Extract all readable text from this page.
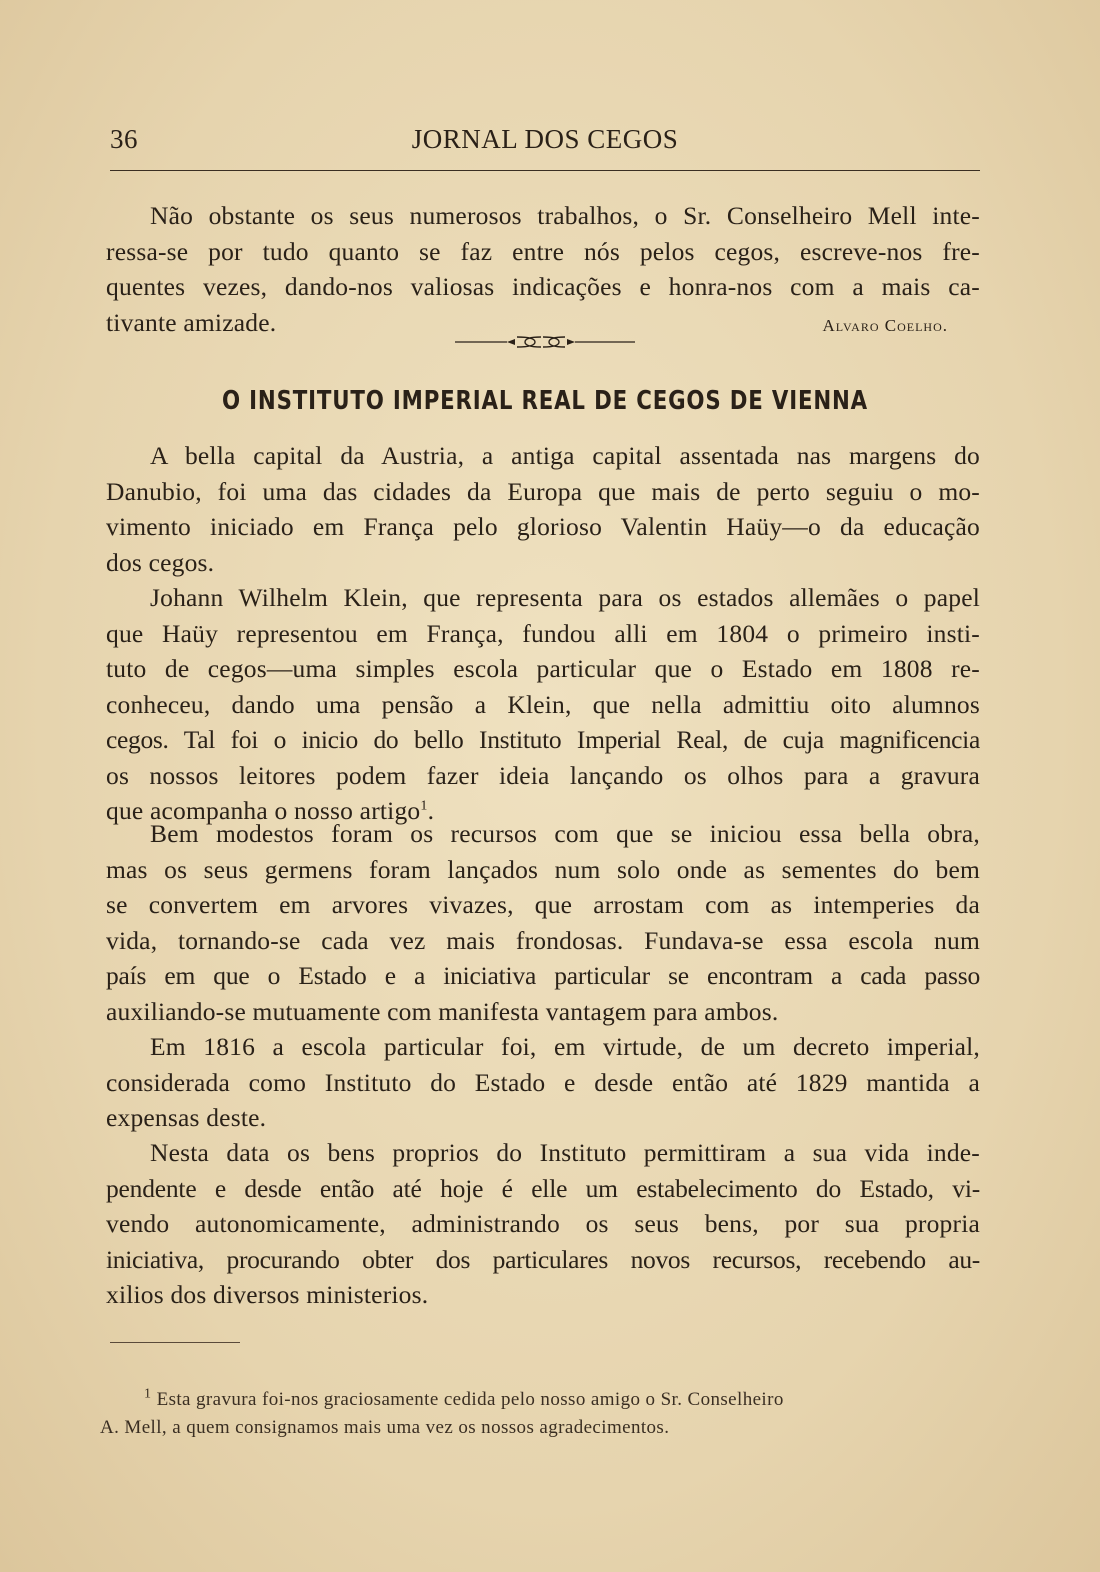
36	JORNAL DOS CEGOS
Não obstante os seus numerosos trabalhos, o Sr. Conselheiro Mell inte-
ressa-se por tudo quanto se faz entre nós pelos cegos, escreve-nos fre-
quentes vezes, dando-nos valiosas indicações e honra-nos com a mais ca-
tivante amizade.	Alvaro Coelho.
O INSTITUTO IMPERIAL REAL DE CEGOS DE VIENNA
A bella capital da Austria, a antiga capital assentada nas margens do
Danubio, foi uma das cidades da Europa que mais de perto seguiu o mo-
vimento iniciado em França pelo glorioso Valentin Haüy—o da educação
dos cegos.
Johann Wilhelm Klein, que representa para os estados allemães o papel
que Haüy representou em França, fundou alli em 1804 o primeiro insti-
tuto de cegos—uma simples escola particular que o Estado em 1808 re-
conheceu, dando uma pensão a Klein, que nella admittiu oito alumnos
cegos. Tal foi o inicio do bello Instituto Imperial Real, de cuja magnificencia
os nossos leitores podem fazer ideia lançando os olhos para a gravura
que acompanha o nosso artigo$^1$.
Bem modestos foram os recursos com que se iniciou essa bella obra,
mas os seus germens foram lançados num solo onde as sementes do bem
se convertem em arvores vivazes, que arrostam com as intemperies da
vida, tornando-se cada vez mais frondosas. Fundava-se essa escola num
país em que o Estado e a iniciativa particular se encontram a cada passo
auxiliando-se mutuamente com manifesta vantagem para ambos.
Em 1816 a escola particular foi, em virtude, de um decreto imperial,
considerada como Instituto do Estado e desde então até 1829 mantida a
expensas deste.
Nesta data os bens proprios do Instituto permittiram a sua vida inde-
pendente e desde então até hoje é elle um estabelecimento do Estado, vi-
vendo autonomicamente, administrando os seus bens, por sua propria
iniciativa, procurando obter dos particulares novos recursos, recebendo au-
xilios dos diversos ministerios.
$^1$ Esta gravura foi-nos graciosamente cedida pelo nosso amigo o Sr. Conselheiro
A. Mell, a quem consignamos mais uma vez os nossos agradecimentos.
